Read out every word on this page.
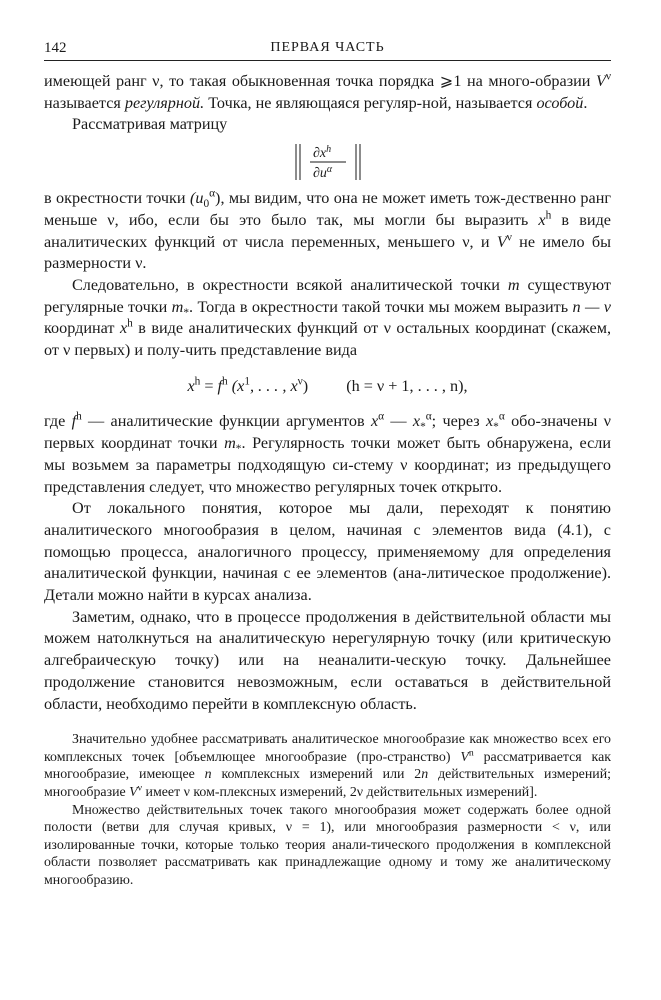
142	ПЕРВАЯ ЧАСТЬ

имеющей ранг ν, то такая обыкновенная точка порядка ⩾1 на много-образии $V^\nu$ называется регулярной. Точка, не являющаяся регуляр-ной, называется особой.

Рассматривая матрицу

$\partial x^h$
$\partial u^\alpha$

в окрестности точки $(u_0^\alpha)$, мы видим, что она не может иметь тож-дественно ранг меньше ν, ибо, если бы это было так, мы могли бы выразить $x^h$ в виде аналитических функций от числа переменных, меньшего ν, и $V^\nu$ не имело бы размерности ν.

Следовательно, в окрестности всякой аналитической точки m существуют регулярные точки $m_*$. Тогда в окрестности такой точки мы можем выразить n — ν координат $x^h$ в виде аналитических функций от ν остальных координат (скажем, от ν первых) и полу-чить представление вида

$x^h = f^h$ ($x^1$, . . . , $x^\nu$) (h = ν + 1, . . . , n),

где $f^h$ — аналитические функции аргументов $x^\alpha$ — $x_*^\alpha$; через $x_*^\alpha$ обо-значены ν первых координат точки $m_*$. Регулярность точки может быть обнаружена, если мы возьмем за параметры подходящую си-стему ν координат; из предыдущего представления следует, что множество регулярных точек открыто.

От локального понятия, которое мы дали, переходят к понятию аналитического многообразия в целом, начиная с элементов вида (4.1), с помощью процесса, аналогичного процессу, применяемому для определения аналитической функции, начиная с ее элементов (ана-литическое продолжение). Детали можно найти в курсах анализа.

Заметим, однако, что в процессе продолжения в действительной области мы можем натолкнуться на аналитическую нерегулярную точку (или критическую алгебраическую точку) или на неаналити-ческую точку. Дальнейшее продолжение становится невозможным, если оставаться в действительной области, необходимо перейти в комплексную область.

Значительно удобнее рассматривать аналитическое многообразие как множество всех его комплексных точек [объемлющее многообразие (про-странство) $V^n$ рассматривается как многообразие, имеющее n комплексных измерений или 2n действительных измерений; многообразие $V^\nu$ имеет ν ком-плексных измерений, 2ν действительных измерений].

Множество действительных точек такого многообразия может содержать более одной полости (ветви для случая кривых, ν = 1), или многообразия размерности < ν, или изолированные точки, которые только теория анали-тического продолжения в комплексной области позволяет рассматривать как принадлежащие одному и тому же аналитическому многообразию.
